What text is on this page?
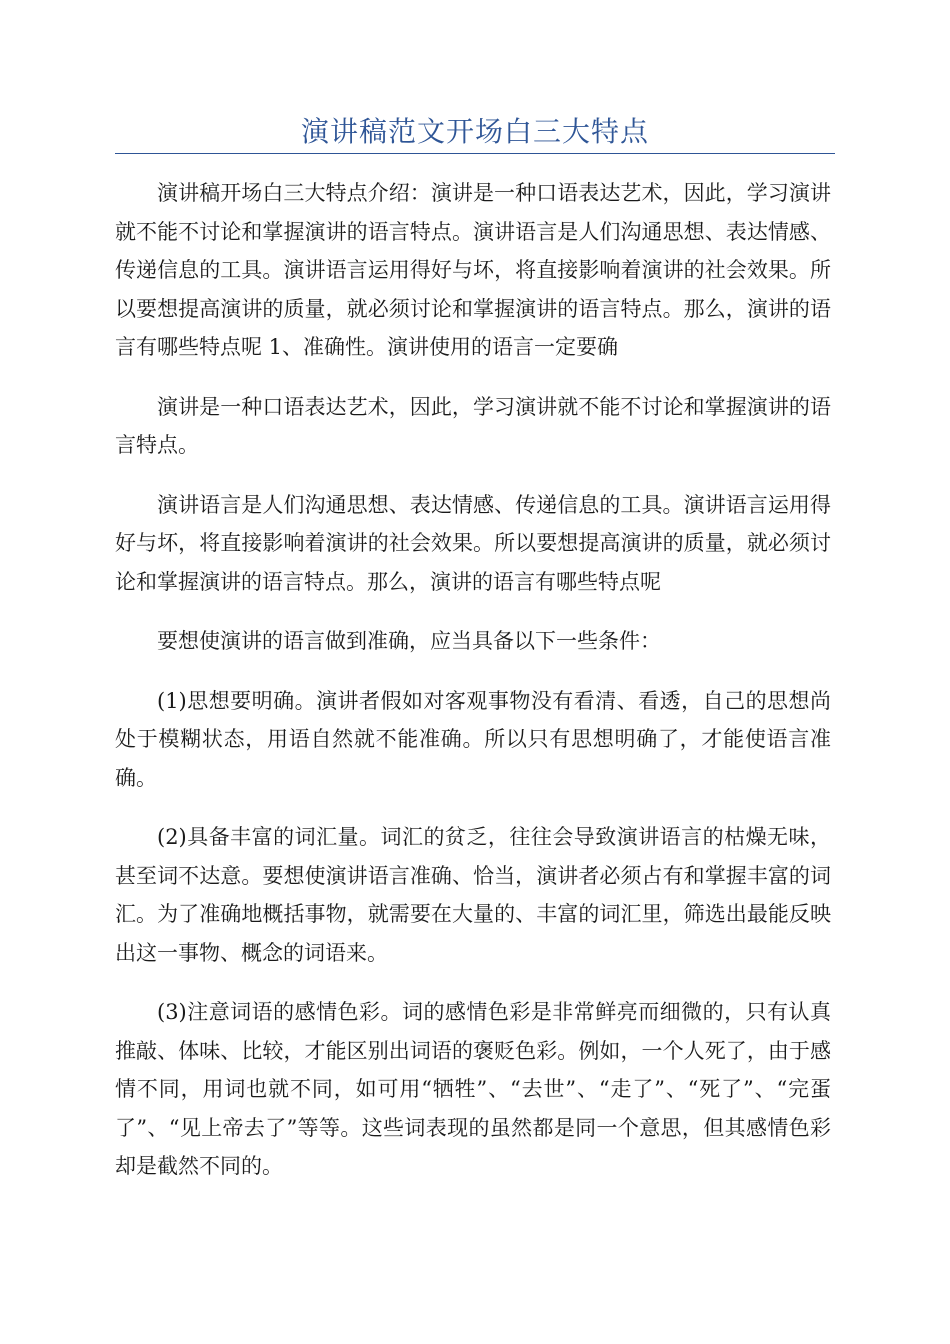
演讲稿范文开场白三大特点

演讲稿开场白三大特点介绍：演讲是一种口语表达艺术，因此，学习演讲就不能不讨论和掌握演讲的语言特点。演讲语言是人们沟通思想、表达情感、传递信息的工具。演讲语言运用得好与坏，将直接影响着演讲的社会效果。所以要想提高演讲的质量，就必须讨论和掌握演讲的语言特点。那么，演讲的语言有哪些特点呢 1、准确性。演讲使用的语言一定要确

演讲是一种口语表达艺术，因此，学习演讲就不能不讨论和掌握演讲的语言特点。

演讲语言是人们沟通思想、表达情感、传递信息的工具。演讲语言运用得好与坏，将直接影响着演讲的社会效果。所以要想提高演讲的质量，就必须讨论和掌握演讲的语言特点。那么，演讲的语言有哪些特点呢

要想使演讲的语言做到准确，应当具备以下一些条件：

(1)思想要明确。演讲者假如对客观事物没有看清、看透，自己的思想尚处于模糊状态，用语自然就不能准确。所以只有思想明确了，才能使语言准确。

(2)具备丰富的词汇量。词汇的贫乏，往往会导致演讲语言的枯燥无味，甚至词不达意。要想使演讲语言准确、恰当，演讲者必须占有和掌握丰富的词汇。为了准确地概括事物，就需要在大量的、丰富的词汇里，筛选出最能反映出这一事物、概念的词语来。

(3)注意词语的感情色彩。词的感情色彩是非常鲜亮而细微的，只有认真推敲、体味、比较，才能区别出词语的褒贬色彩。例如，一个人死了，由于感情不同，用词也就不同，如可用“牺牲”、“去世”、“走了”、“死了”、“完蛋了”、“见上帝去了”等等。这些词表现的虽然都是同一个意思，但其感情色彩却是截然不同的。
